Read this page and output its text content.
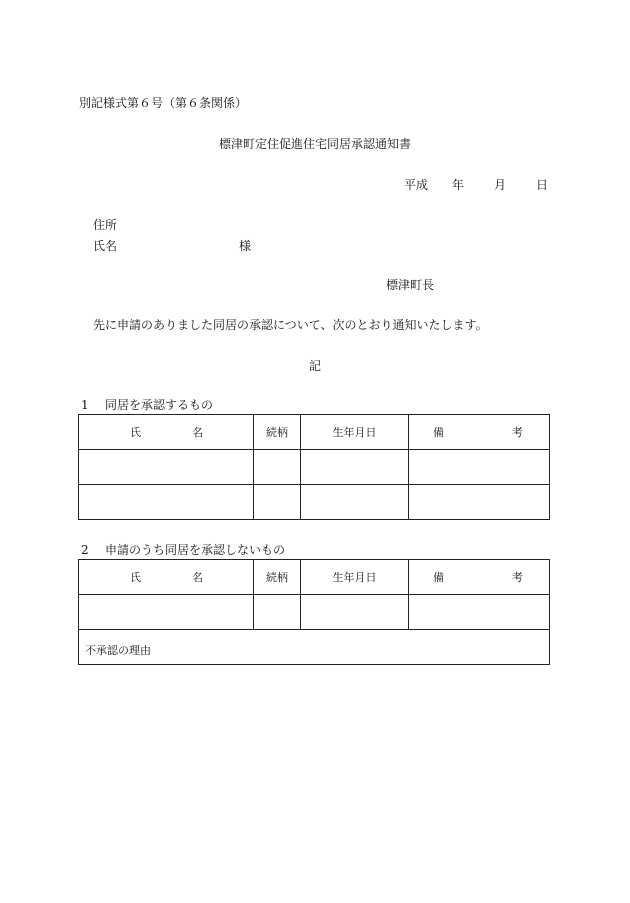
別記様式第６号（第６条関係）
標津町定住促進住宅同居承認通知書
平成 年	月	日
住所
氏名	様
標津町長
先に申請のありました同居の承認について、次のとおり通知いたします。
記
1 同居を承認するもの
氏 名	続柄	生年月日	備 考

2 申請のうち同居を承認しないもの
氏 名	続柄	生年月日	備 考

不承認の理由			
